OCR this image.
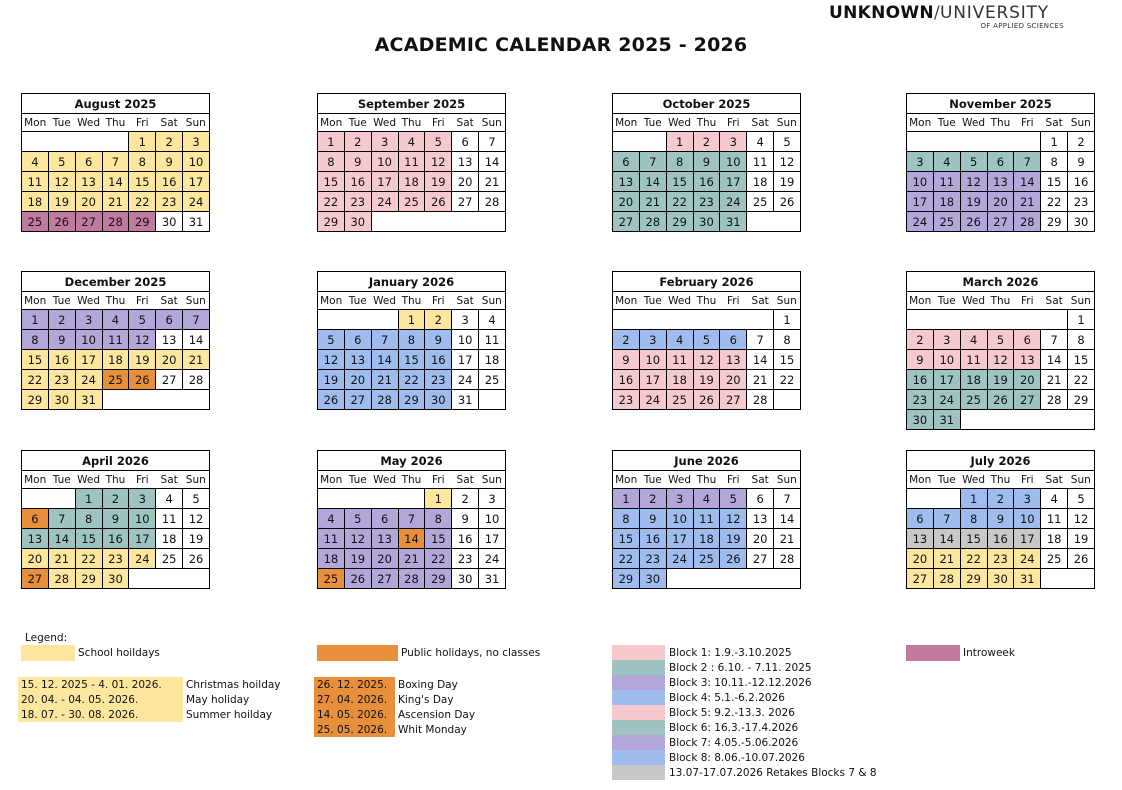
UNKNOWN/UNIVERSITY
OF APPLIED SCIENCES
ACADEMIC CALENDAR 2025 - 2026
August 2025						
Mon	Tue	Wed	Thu	Fri	Sat	Sun
				1	2	3
4	5	6	7	8	9	10
11	12	13	14	15	16	17
18	19	20	21	22	23	24
25	26	27	28	29	30	31
September 2025						
Mon	Tue	Wed	Thu	Fri	Sat	Sun
1	2	3	4	5	6	7
8	9	10	11	12	13	14
15	16	17	18	19	20	21
22	23	24	25	26	27	28
29	30					
October 2025						
Mon	Tue	Wed	Thu	Fri	Sat	Sun
		1	2	3	4	5
6	7	8	9	10	11	12
13	14	15	16	17	18	19
20	21	22	23	24	25	26
27	28	29	30	31		
November 2025						
Mon	Tue	Wed	Thu	Fri	Sat	Sun
					1	2
3	4	5	6	7	8	9
10	11	12	13	14	15	16
17	18	19	20	21	22	23
24	25	26	27	28	29	30
December 2025						
Mon	Tue	Wed	Thu	Fri	Sat	Sun
1	2	3	4	5	6	7
8	9	10	11	12	13	14
15	16	17	18	19	20	21
22	23	24	25	26	27	28
29	30	31				
January 2026						
Mon	Tue	Wed	Thu	Fri	Sat	Sun
			1	2	3	4
5	6	7	8	9	10	11
12	13	14	15	16	17	18
19	20	21	22	23	24	25
26	27	28	29	30	31	
February 2026						
Mon	Tue	Wed	Thu	Fri	Sat	Sun
						1
2	3	4	5	6	7	8
9	10	11	12	13	14	15
16	17	18	19	20	21	22
23	24	25	26	27	28	
March 2026						
Mon	Tue	Wed	Thu	Fri	Sat	Sun
						1
2	3	4	5	6	7	8
9	10	11	12	13	14	15
16	17	18	19	20	21	22
23	24	25	26	27	28	29
30	31					
April 2026						
Mon	Tue	Wed	Thu	Fri	Sat	Sun
		1	2	3	4	5
6	7	8	9	10	11	12
13	14	15	16	17	18	19
20	21	22	23	24	25	26
27	28	29	30			
May 2026						
Mon	Tue	Wed	Thu	Fri	Sat	Sun
				1	2	3
4	5	6	7	8	9	10
11	12	13	14	15	16	17
18	19	20	21	22	23	24
25	26	27	28	29	30	31
June 2026						
Mon	Tue	Wed	Thu	Fri	Sat	Sun
1	2	3	4	5	6	7
8	9	10	11	12	13	14
15	16	17	18	19	20	21
22	23	24	25	26	27	28
29	30					
July 2026						
Mon	Tue	Wed	Thu	Fri	Sat	Sun
		1	2	3	4	5
6	7	8	9	10	11	12
13	14	15	16	17	18	19
20	21	22	23	24	25	26
27	28	29	30	31		
Legend:
School hoildays	Public holidays, no classes	Introweek
15. 12. 2025 - 4. 01. 2026.	Christmas hoilday
20. 04. - 04. 05. 2026.	May holiday
18. 07. - 30. 08. 2026.	Summer hoilday
26. 12. 2025.	Boxing Day
27. 04. 2026.	King's Day
14. 05. 2026.	Ascension Day
25. 05. 2026.	Whit Monday
Block 1: 1.9.-3.10.2025
Block 2 : 6.10. - 7.11. 2025
Block 3: 10.11.-12.12.2026
Block 4: 5.1.-6.2.2026
Block 5: 9.2.-13.3. 2026
Block 6: 16.3.-17.4.2026
Block 7: 4.05.-5.06.2026
Block 8: 8.06.-10.07.2026
13.07-17.07.2026 Retakes Blocks 7 & 8
